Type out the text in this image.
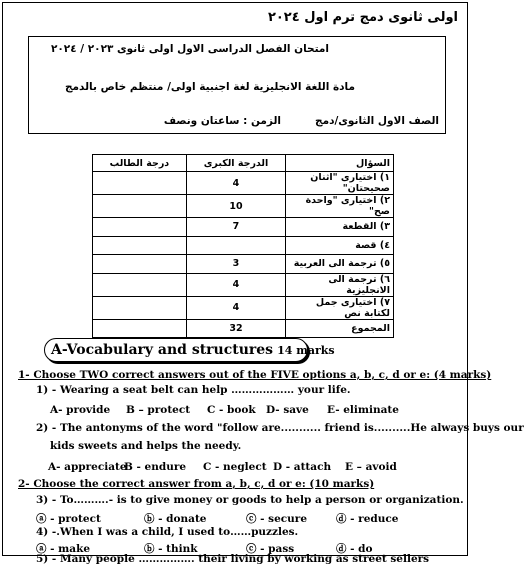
اولى ثانوى دمج ترم اول ٢٠٢٤
امتحان الفصل الدراسى الاول اولى ثانوى ٢٠٢٣ / ٢٠٢٤
مادة اللغة الانجليزية لغة اجنبية اولى/ منتظم خاص بالدمج
الصف الاول الثانوى/دمج
الزمن : ساعتان ونصف
درجة الطالب	الدرجة الكبرى	السؤال
	4	١) اختيارى "اثنان صحيحتان"
	10	٢) اختيارى "واحدة صح"
	7	٣) القطعة
		٤) قصة
	3	٥) ترجمة الى العربية
	4	٦) ترجمة الى الانجليزية
	4	٧) اختيارى جمل لكتابة نص
	32	المجموع
A-Vocabulary and structures 14 marks
1- Choose TWO correct answers out of the FIVE options a, b, c, d or e: (4 marks)
1) - Wearing a seat belt can help ……………… your life.
A- provide B – protect C - book D- save E- eliminate
2) - The antonyms of the word "follow are........... friend is..........He always buys our
kids sweets and helps the needy.
A- appreciate
B - endure C - neglect D - attach E – avoid
2- Choose the correct answer from a, b, c, d or e: (10 marks)
3) - To……….- is to give money or goods to help a person or organization.
ⓐ - protect	ⓑ - donate	ⓒ - secure	ⓓ - reduce
4) -.When I was a child, I used to……puzzles.
ⓐ - make	ⓑ - think	ⓒ - pass	ⓓ - do
5) - Many people ……………. their living by working as street sellers
